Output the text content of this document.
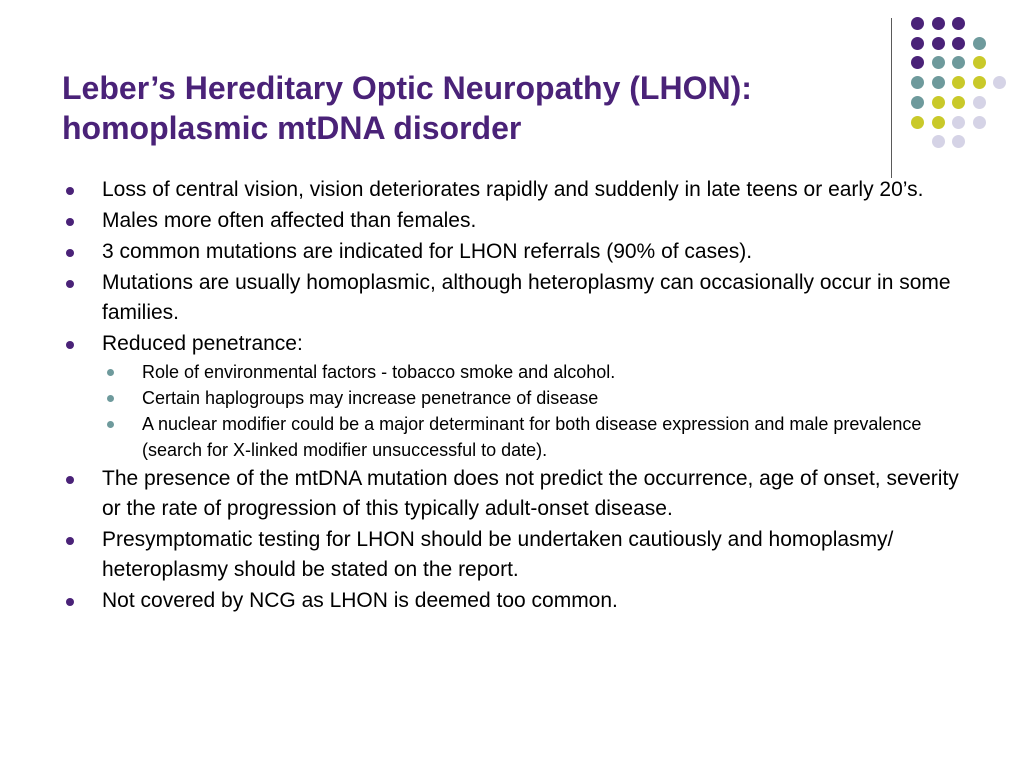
Leber’s Hereditary Optic Neuropathy (LHON):
homoplasmic mtDNA disorder
Loss of central vision, vision deteriorates rapidly and suddenly in late teens or early 20’s.
Males more often affected than females.
3 common mutations are indicated for LHON referrals (90% of cases).
Mutations are usually homoplasmic, although heteroplasmy can occasionally occur in some families.
Reduced penetrance:
Role of environmental factors - tobacco smoke and alcohol.
Certain haplogroups may increase penetrance of disease
A nuclear modifier could be a major determinant for both disease expression and male prevalence (search for X-linked modifier unsuccessful to date).
The presence of the mtDNA mutation does not predict the occurrence, age of onset, severity or the rate of progression of this typically adult-onset disease.
Presymptomatic testing for LHON should be undertaken cautiously and homoplasmy/ heteroplasmy should be stated on the report.
Not covered by NCG as LHON is deemed too common.
